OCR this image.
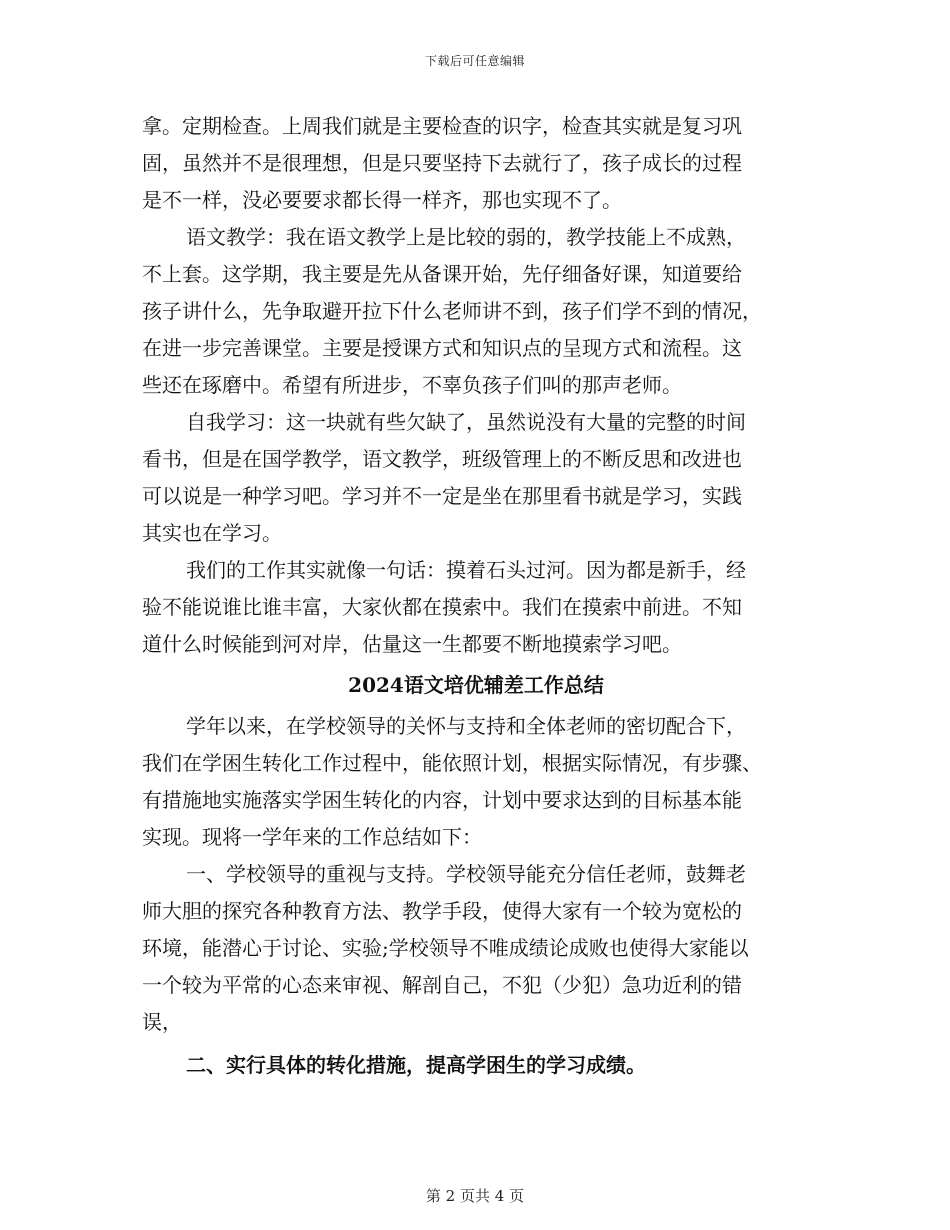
下载后可任意编辑
拿。定期检查。上周我们就是主要检查的识字，检查其实就是复习巩
固，虽然并不是很理想，但是只要坚持下去就行了，孩子成长的过程
是不一样，没必要要求都长得一样齐，那也实现不了。
语文教学：我在语文教学上是比较的弱的，教学技能上不成熟，
不上套。这学期，我主要是先从备课开始，先仔细备好课，知道要给
孩子讲什么，先争取避开拉下什么老师讲不到，孩子们学不到的情况，
在进一步完善课堂。主要是授课方式和知识点的呈现方式和流程。这
些还在琢磨中。希望有所进步，不辜负孩子们叫的那声老师。
自我学习：这一块就有些欠缺了，虽然说没有大量的完整的时间
看书，但是在国学教学，语文教学，班级管理上的不断反思和改进也
可以说是一种学习吧。学习并不一定是坐在那里看书就是学习，实践
其实也在学习。
我们的工作其实就像一句话：摸着石头过河。因为都是新手，经
验不能说谁比谁丰富，大家伙都在摸索中。我们在摸索中前进。不知
道什么时候能到河对岸，估量这一生都要不断地摸索学习吧。
2024语文培优辅差工作总结
学年以来，在学校领导的关怀与支持和全体老师的密切配合下，
我们在学困生转化工作过程中，能依照计划，根据实际情况，有步骤、
有措施地实施落实学困生转化的内容，计划中要求达到的目标基本能
实现。现将一学年来的工作总结如下：
一、学校领导的重视与支持。学校领导能充分信任老师，鼓舞老
师大胆的探究各种教育方法、教学手段，使得大家有一个较为宽松的
环境，能潜心于讨论、实验;学校领导不唯成绩论成败也使得大家能以
一个较为平常的心态来审视、解剖自己，不犯（少犯）急功近利的错
误，
二、实行具体的转化措施，提高学困生的学习成绩。
第 2 页共 4 页
